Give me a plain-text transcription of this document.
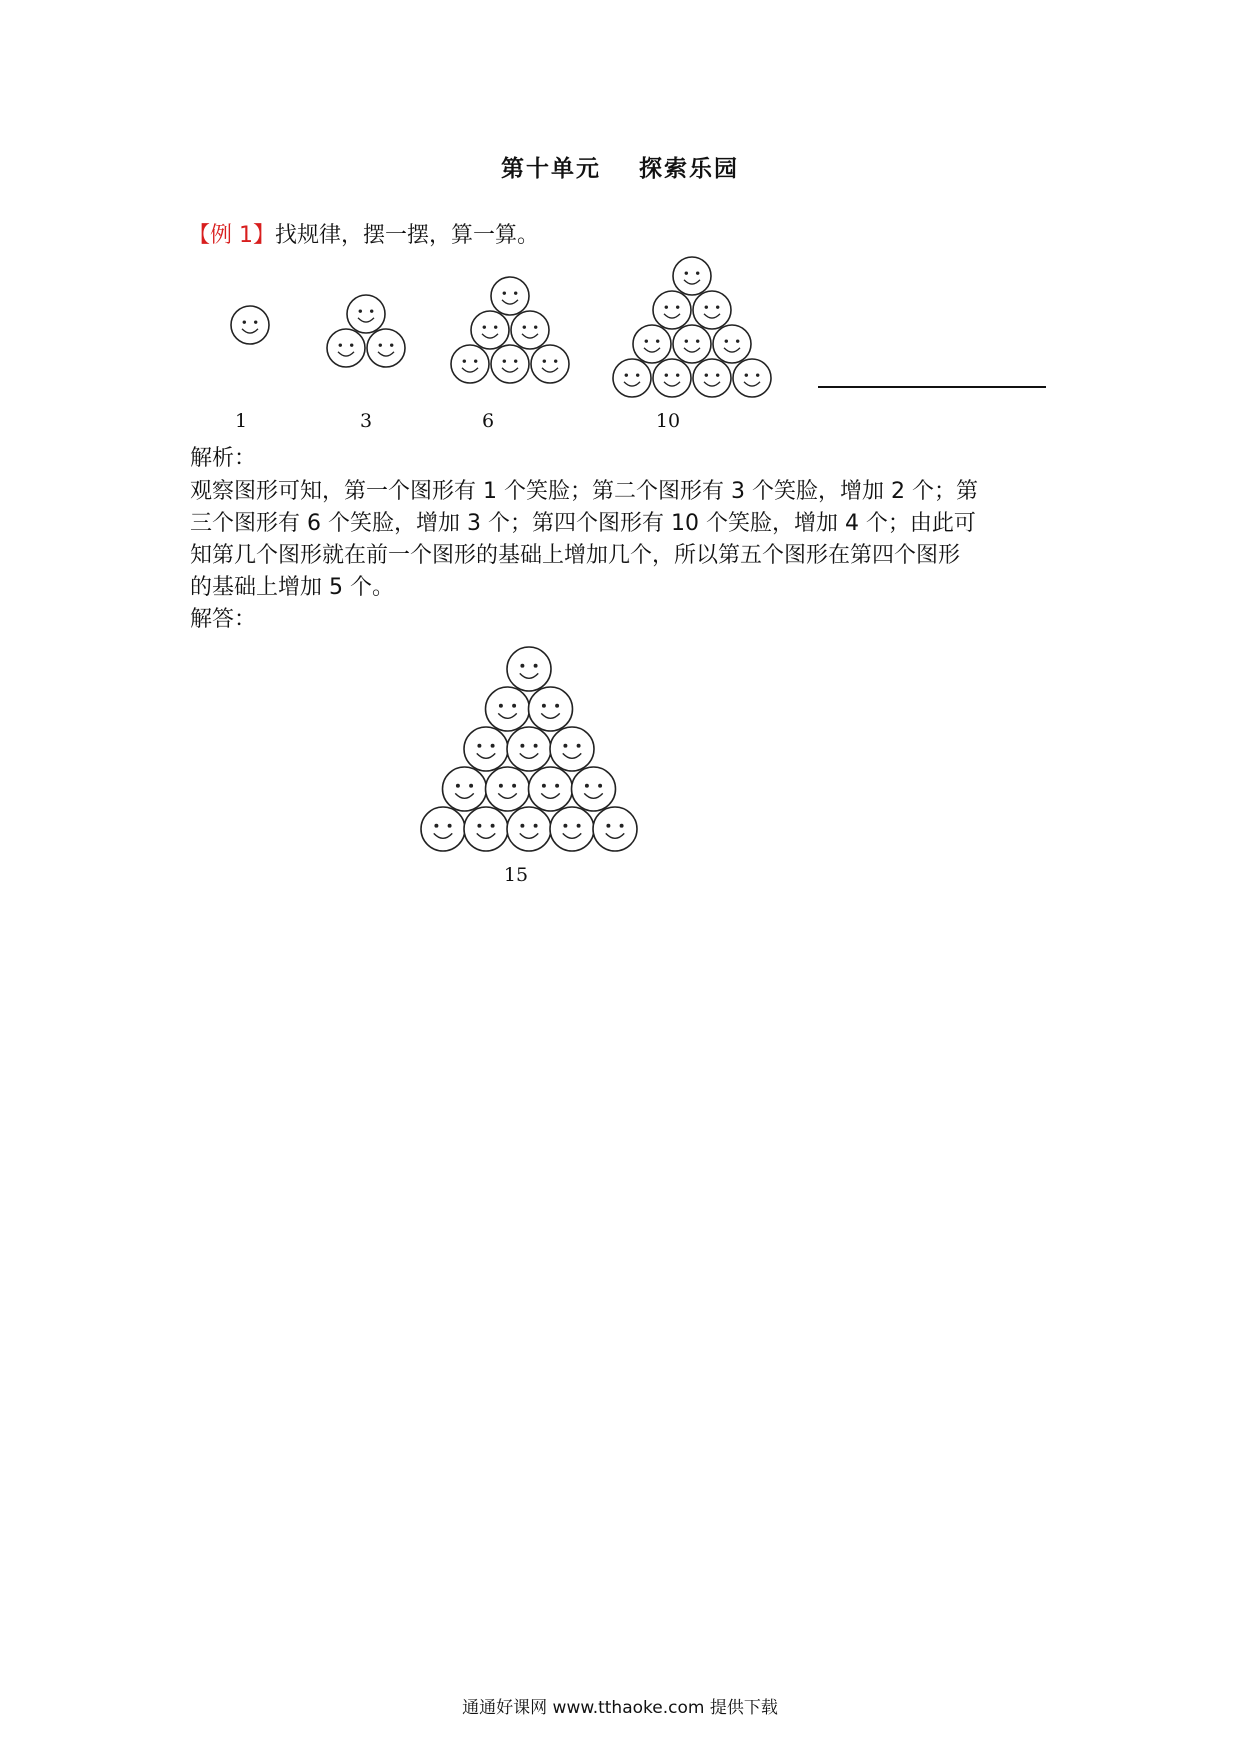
第十单元 探索乐园
【例 1】找规律，摆一摆，算一算。
1	3	6	10
解析：
观察图形可知，第一个图形有 1 个笑脸；第二个图形有 3 个笑脸，增加 2 个；第
三个图形有 6 个笑脸，增加 3 个；第四个图形有 10 个笑脸，增加 4 个；由此可
知第几个图形就在前一个图形的基础上增加几个，所以第五个图形在第四个图形
的基础上增加 5 个。
解答：
15
通通好课网 www.tthaoke.com 提供下载
